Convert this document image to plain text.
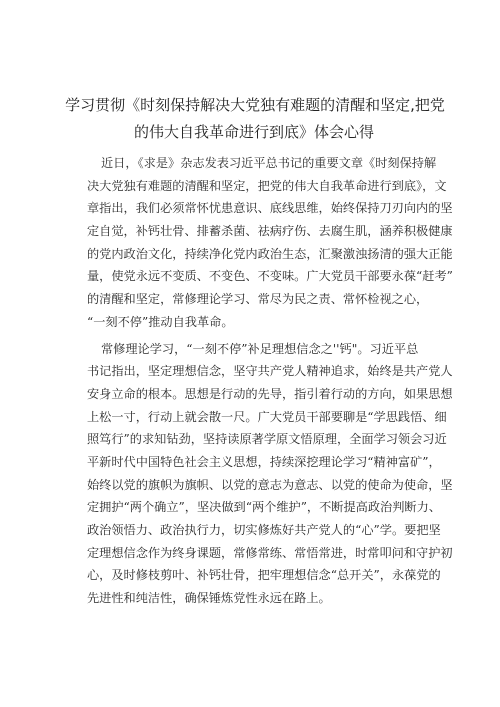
学习贯彻《时刻保持解决大党独有难题的清醒和坚定,把党
的伟大自我革命进行到底》体会心得
近日，《求是》杂志发表习近平总书记的重要文章《时刻保持解
决大党独有难题的清醒和坚定，把党的伟大自我革命进行到底》，文
章指出，我们必须常怀忧患意识、底线思维，始终保持刀刃向内的坚
定自觉，补钙壮骨、排蓄杀菌、祛病疗伤、去腐生肌，涵养积极健康
的党内政治文化，持续净化党内政治生态，汇聚激浊扬清的强大正能
量，使党永远不变质、不变色、不变味。广大党员干部要永葆“赶考”
的清醒和坚定，常修理论学习、常尽为民之责、常怀检视之心，
“一刻不停”推动自我革命。
常修理论学习，“一刻不停”补足理想信念之''钙"。习近平总
书记指出，坚定理想信念，坚守共产党人精神追求，始终是共产党人
安身立命的根本。思想是行动的先导，指引着行动的方向，如果思想
上松一寸，行动上就会散一尺。广大党员干部要聊是“学思践悟、细
照笃行”的求知钻劲，坚持读原著学原文悟原理，全面学习领会习近
平新时代中国特色社会主义思想，持续深挖理论学习“精神富矿”，
始终以党的旗帜为旗帜、以党的意志为意志、以党的使命为使命，坚
定拥护“两个确立”，坚决做到“两个维护”，不断提高政治判断力、
政治领悟力、政治执行力，切实修炼好共产党人的“心”学。要把坚
定理想信念作为终身课题，常修常练、常悟常进，时常叩问和守护初
心，及时修枝剪叶、补钙壮骨，把牢理想信念“总开关”，永葆党的
先进性和纯洁性，确保锤炼党性永远在路上。
